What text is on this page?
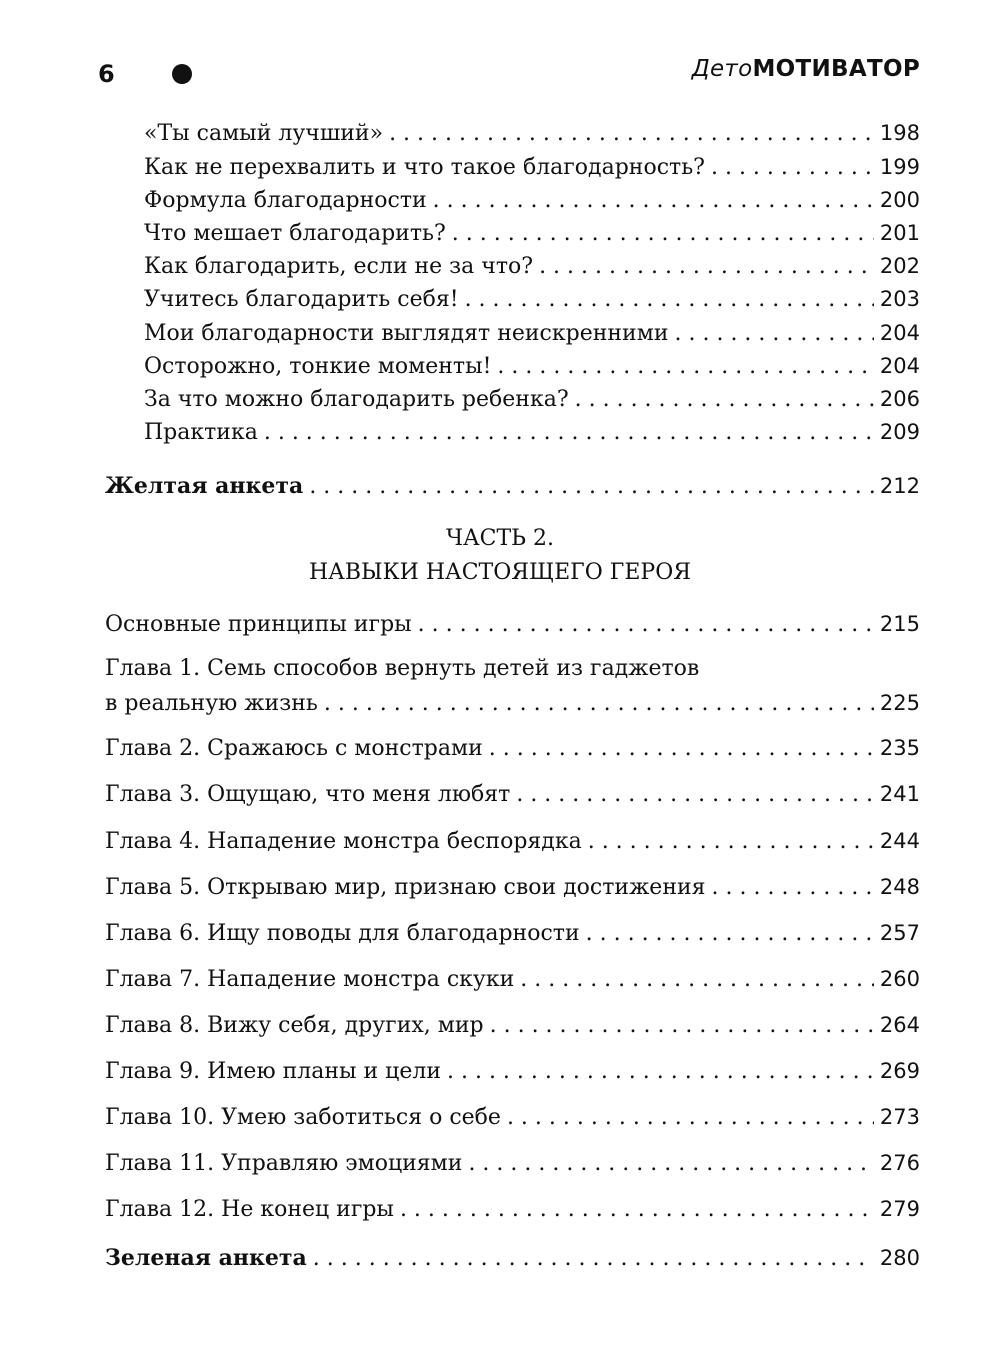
6	ДетоМОТИВАТОР
«Ты самый лучший» . . .	198
Как не перехвалить и что такое благодарность? . . .	199
Формула благодарности . . .	200
Что мешает благодарить? . . .	201
Как благодарить, если не за что? . . .	202
Учитесь благодарить себя! . . .	203
Мои благодарности выглядят неискренними . . .	204
Осторожно, тонкие моменты! . . .	204
За что можно благодарить ребенка? . . .	206
Практика . . .	209
Желтая анкета . . .	212
ЧАСТЬ 2.
НАВЫКИ НАСТОЯЩЕГО ГЕРОЯ
Основные принципы игры . . .	215
Глава 1. Семь способов вернуть детей из гаджетов
в реальную жизнь . . .	225
Глава 2. Сражаюсь с монстрами . . .	235
Глава 3. Ощущаю, что меня любят . . .	241
Глава 4. Нападение монстра беспорядка . . .	244
Глава 5. Открываю мир, признаю свои достижения . . .	248
Глава 6. Ищу поводы для благодарности . . .	257
Глава 7. Нападение монстра скуки . . .	260
Глава 8. Вижу себя, других, мир . . .	264
Глава 9. Имею планы и цели . . .	269
Глава 10. Умею заботиться о себе . . .	273
Глава 11. Управляю эмоциями . . .	276
Глава 12. Не конец игры . . .	279
Зеленая анкета . . .	280
